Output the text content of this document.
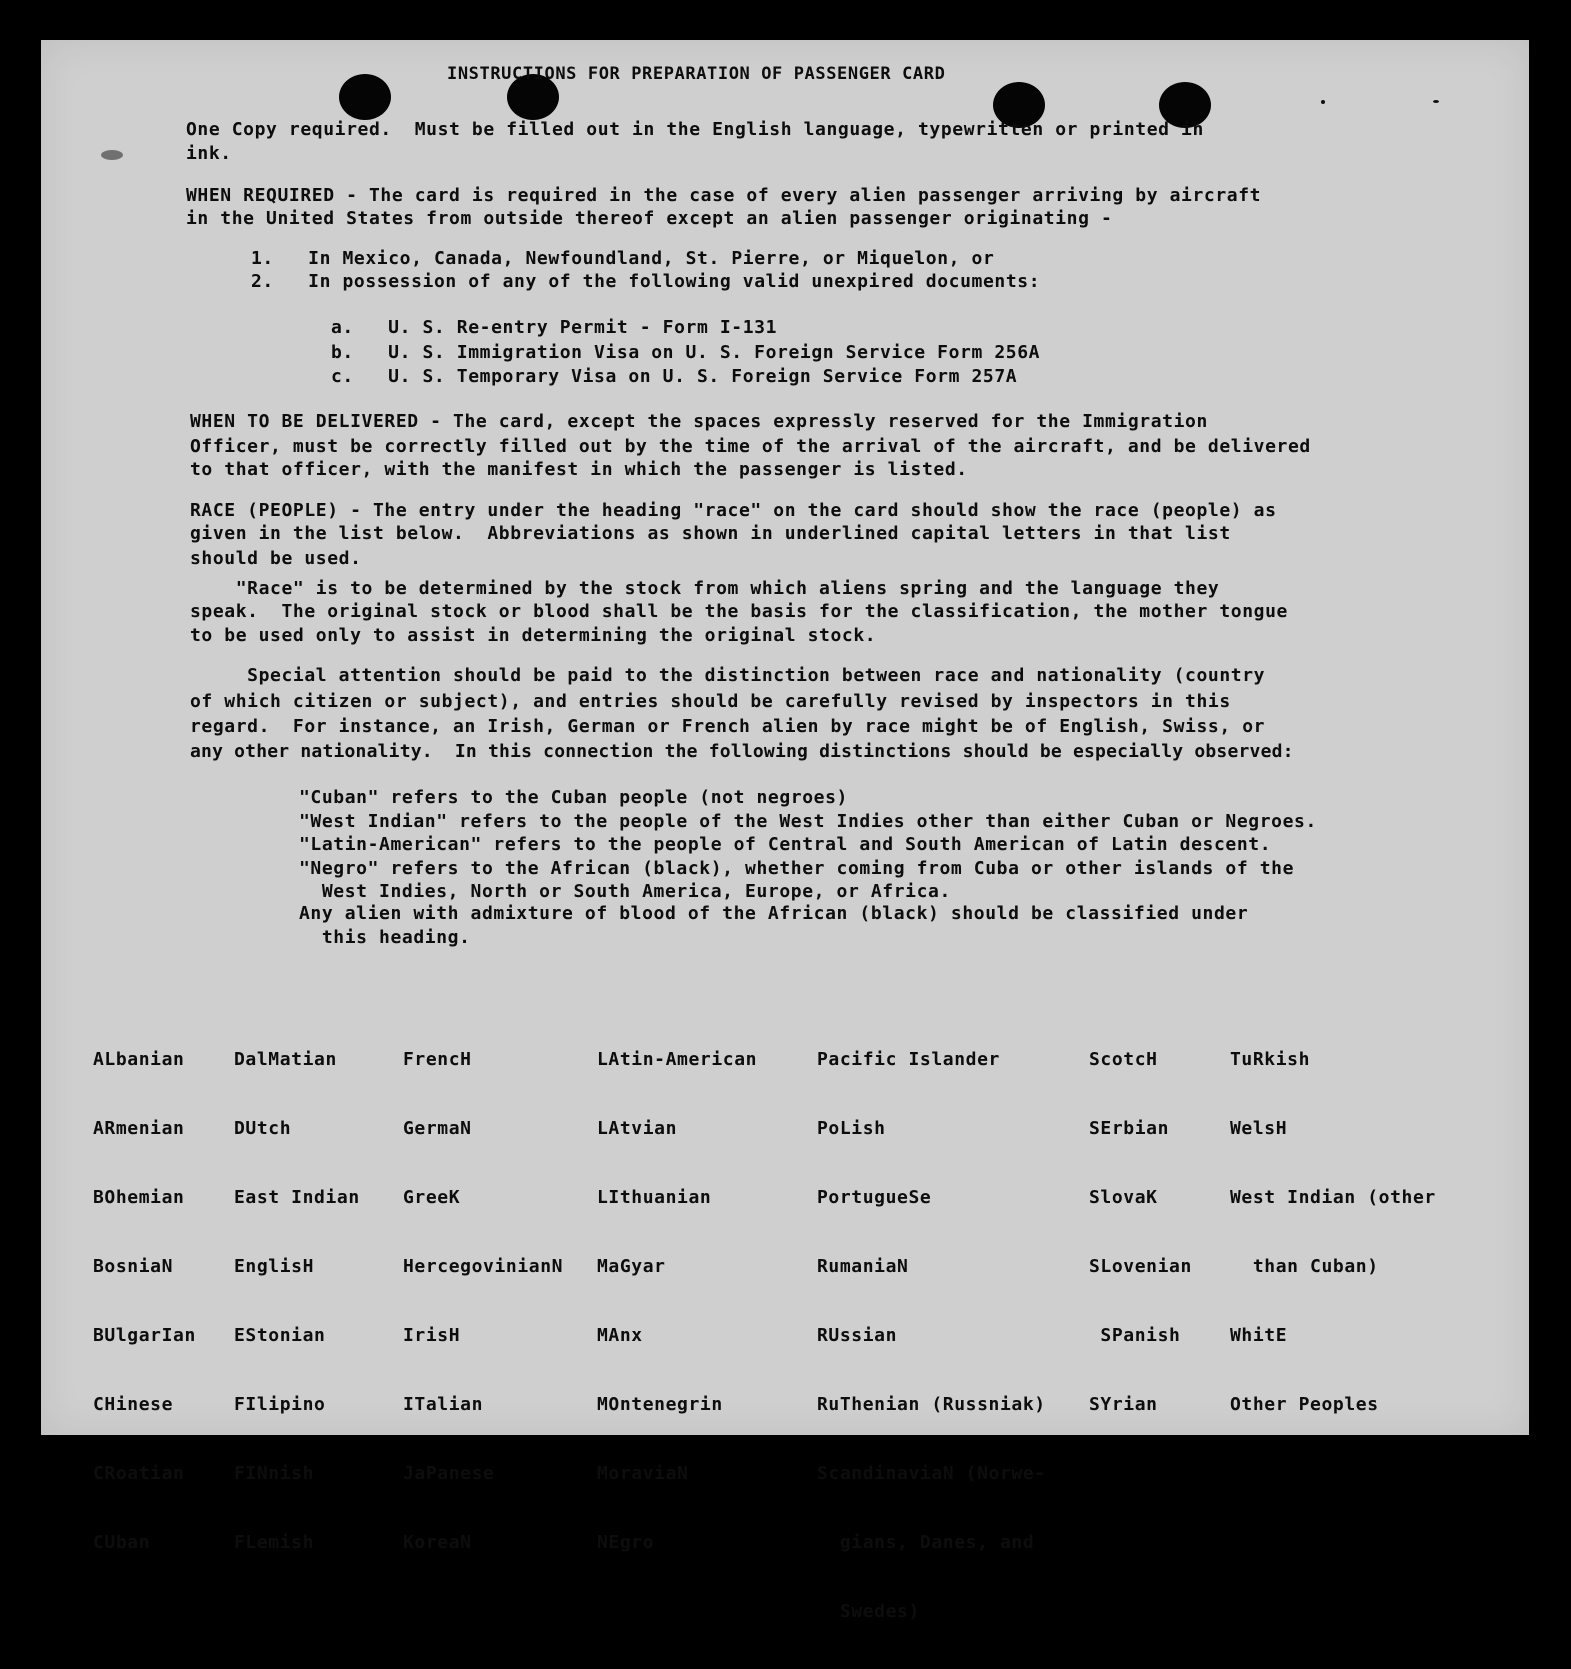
INSTRUCTIONS FOR PREPARATION OF PASSENGER CARD
One Copy required.  Must be filled out in the English language, typewritten or printed in
ink.
WHEN REQUIRED - The card is required in the case of every alien passenger arriving by aircraft
in the United States from outside thereof except an alien passenger originating -
1.   In Mexico, Canada, Newfoundland, St. Pierre, or Miquelon, or
2.   In possession of any of the following valid unexpired documents:
a.   U. S. Re-entry Permit - Form I-131
b.   U. S. Immigration Visa on U. S. Foreign Service Form 256A
c.   U. S. Temporary Visa on U. S. Foreign Service Form 257A
WHEN TO BE DELIVERED - The card, except the spaces expressly reserved for the Immigration
Officer, must be correctly filled out by the time of the arrival of the aircraft, and be delivered
to that officer, with the manifest in which the passenger is listed.
RACE (PEOPLE) - The entry under the heading "race" on the card should show the race (people) as
given in the list below.  Abbreviations as shown in underlined capital letters in that list
should be used.
"Race" is to be determined by the stock from which aliens spring and the language they
speak.  The original stock or blood shall be the basis for the classification, the mother tongue
to be used only to assist in determining the original stock.
Special attention should be paid to the distinction between race and nationality (country
of which citizen or subject), and entries should be carefully revised by inspectors in this
regard.  For instance, an Irish, German or French alien by race might be of English, Swiss, or
any other nationality.  In this connection the following distinctions should be especially observed:
"Cuban" refers to the Cuban people (not negroes)
"West Indian" refers to the people of the West Indies other than either Cuban or Negroes.
"Latin-American" refers to the people of Central and South American of Latin descent.
"Negro" refers to the African (black), whether coming from Cuba or other islands of the
West Indies, North or South America, Europe, or Africa.
Any alien with admixture of blood of the African (black) should be classified under
this heading.

ALbanian

ARmenian

BOhemian

BosniaN

BUlgarIan

CHinese

CRoatian

CUban

DalMatian

DUtch

East Indian

EnglisH

EStonian

FIlipino

FINnish

FLemish

FrencH

GermaN

GreeK

HercegovinianN

IrisH

ITalian

JaPanese

KoreaN

LAtin-American

LAtvian

LIthuanian

MaGyar

MAnx

MOntenegrin

MoraviaN

NEgro

Pacific Islander

PoLish

PortugueSe

RumaniaN

RUssian

RuThenian (Russniak)

ScandinaviaN (Norwe-

gians, Danes, and

Swedes)

ScotcH

SErbian

SlovaK

SLovenian

SPanish

SYrian

TuRkish

WelsH

West Indian (other

than Cuban)

WhitE

Other Peoples
